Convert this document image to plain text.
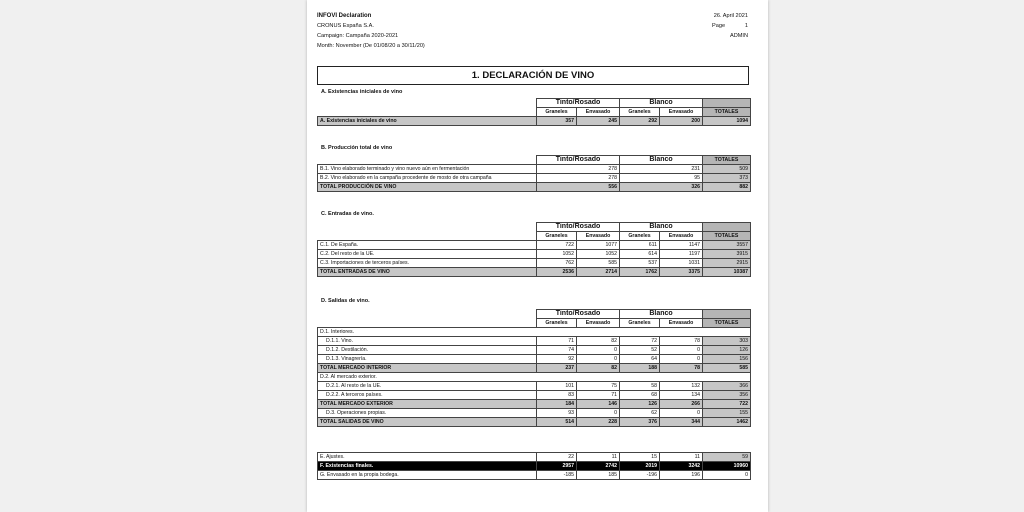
INFOVI Declaration
CRONUS España S.A.
Campaign: Campaña 2020-2021
Month: November (De 01/08/20 a 30/11/20)
26. April 2021
Page	1
ADMIN
1. DECLARACIÓN DE VINO
A. Existencias iniciales de vino
	Tinto/Rosado		Blanco		
	Graneles	Envasado	Graneles	Envasado	TOTALES
A. Existencias iniciales de vino	357	245	292	200	1094
B. Producción total de vino
	Tinto/Rosado	Blanco	TOTALES
B.1. Vino elaborado terminado y vino nuevo aún en fermentación	278	231	509
B.2. Vino elaborado en la campaña procedente de mosto de otra campaña	278	95	373
TOTAL PRODUCCIÓN DE VINO	556	326	882
C. Entradas de vino.
	Tinto/Rosado		Blanco		
	Graneles	Envasado	Graneles	Envasado	TOTALES
C.1. De España.	722	1077	611	1147	3557
C.2. Del resto de la UE.	1052	1052	614	1197	3915
C.3. Importaciones de terceros países.	762	585	537	1031	2915
TOTAL ENTRADAS DE VINO	2536	2714	1762	3375	10387
D. Salidas de vino.
	Tinto/Rosado		Blanco		
	Graneles	Envasado	Graneles	Envasado	TOTALES
D.1. Interiores.					
D.1.1. Vino.	71	82	72	78	303
D.1.2. Destilación.	74	0	52	0	126
D.1.3. Vinagrería.	92	0	64	0	156
TOTAL MERCADO INTERIOR	237	82	188	78	585
D.2. Al mercado exterior.					
D.2.1. Al resto de la UE.	101	75	58	132	366
D.2.2. A terceros países.	83	71	68	134	356
TOTAL MERCADO EXTERIOR	184	146	126	266	722
D.3. Operaciones propias.	93	0	62	0	155
TOTAL SALIDAS DE VINO	514	228	376	344	1462
E. Ajustes.	22	11	15	11	59
F. Existencias finales.	2957	2742	2019	3242	10960
G. Envasado en la propia bodega.	-185	185	-196	196	0
